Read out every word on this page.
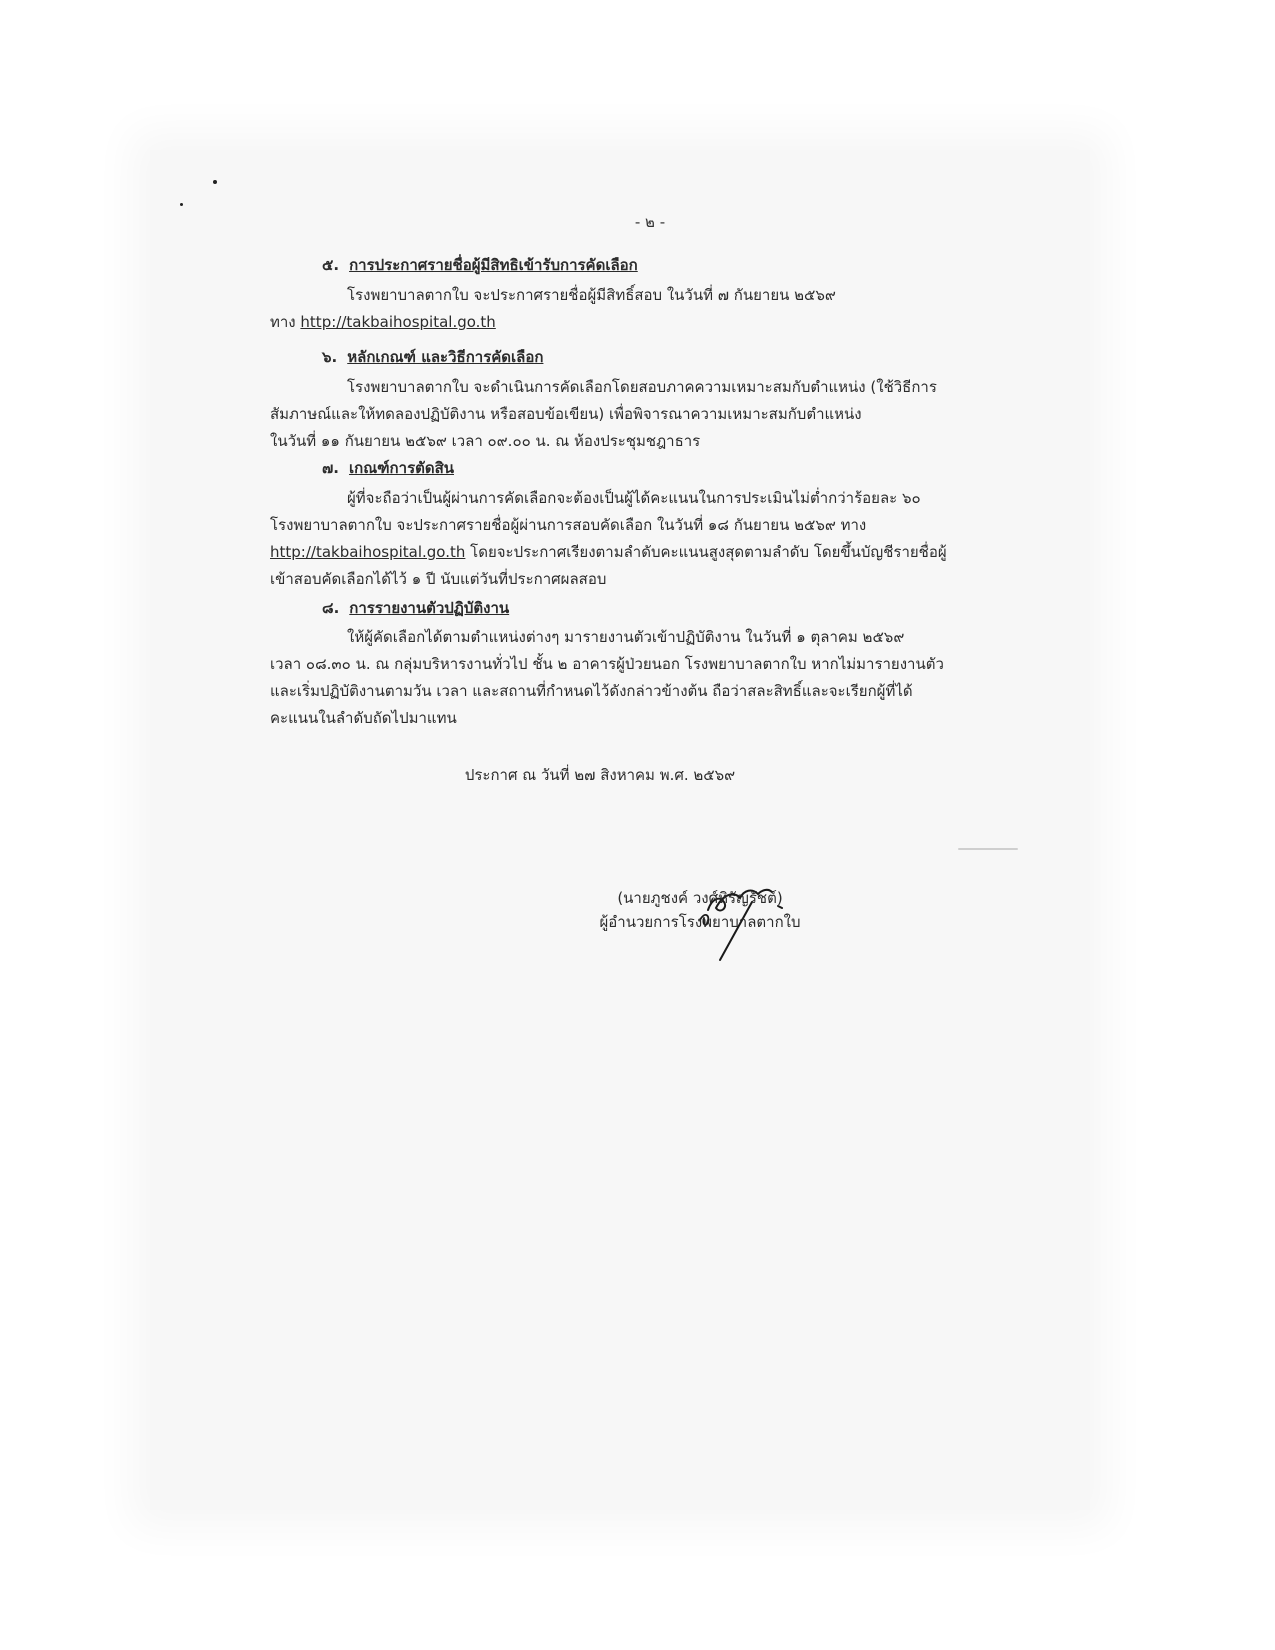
- ๒ -
๕. การประกาศรายชื่อผู้มีสิทธิเข้ารับการคัดเลือก
โรงพยาบาลตากใบ จะประกาศรายชื่อผู้มีสิทธิ์สอบ ในวันที่ ๗ กันยายน ๒๕๖๙
ทาง http://takbaihospital.go.th
๖. หลักเกณฑ์ และวิธีการคัดเลือก
โรงพยาบาลตากใบ จะดำเนินการคัดเลือกโดยสอบภาคความเหมาะสมกับตำแหน่ง (ใช้วิธีการ
สัมภาษณ์และให้ทดลองปฏิบัติงาน หรือสอบข้อเขียน) เพื่อพิจารณาความเหมาะสมกับตำแหน่ง
ในวันที่ ๑๑ กันยายน ๒๕๖๙ เวลา ๐๙.๐๐ น. ณ ห้องประชุมชฎาธาร
๗. เกณฑ์การตัดสิน
ผู้ที่จะถือว่าเป็นผู้ผ่านการคัดเลือกจะต้องเป็นผู้ได้คะแนนในการประเมินไม่ต่ำกว่าร้อยละ ๖๐
โรงพยาบาลตากใบ จะประกาศรายชื่อผู้ผ่านการสอบคัดเลือก ในวันที่ ๑๘ กันยายน ๒๕๖๙ ทาง
http://takbaihospital.go.th โดยจะประกาศเรียงตามลำดับคะแนนสูงสุดตามลำดับ โดยขึ้นบัญชีรายชื่อผู้
เข้าสอบคัดเลือกได้ไว้ ๑ ปี นับแต่วันที่ประกาศผลสอบ
๘. การรายงานตัวปฏิบัติงาน
ให้ผู้คัดเลือกได้ตามตำแหน่งต่างๆ มารายงานตัวเข้าปฏิบัติงาน ในวันที่ ๑ ตุลาคม ๒๕๖๙
เวลา ๐๘.๓๐ น. ณ กลุ่มบริหารงานทั่วไป ชั้น ๒ อาคารผู้ป่วยนอก โรงพยาบาลตากใบ หากไม่มารายงานตัว
และเริ่มปฏิบัติงานตามวัน เวลา และสถานที่กำหนดไว้ดังกล่าวข้างต้น ถือว่าสละสิทธิ์และจะเรียกผู้ที่ได้
คะแนนในลำดับถัดไปมาแทน
ประกาศ ณ วันที่ ๒๗ สิงหาคม พ.ศ. ๒๕๖๙
(นายภูชงค์ วงศ์หิรัญรัชต์)
ผู้อำนวยการโรงพยาบาลตากใบ
